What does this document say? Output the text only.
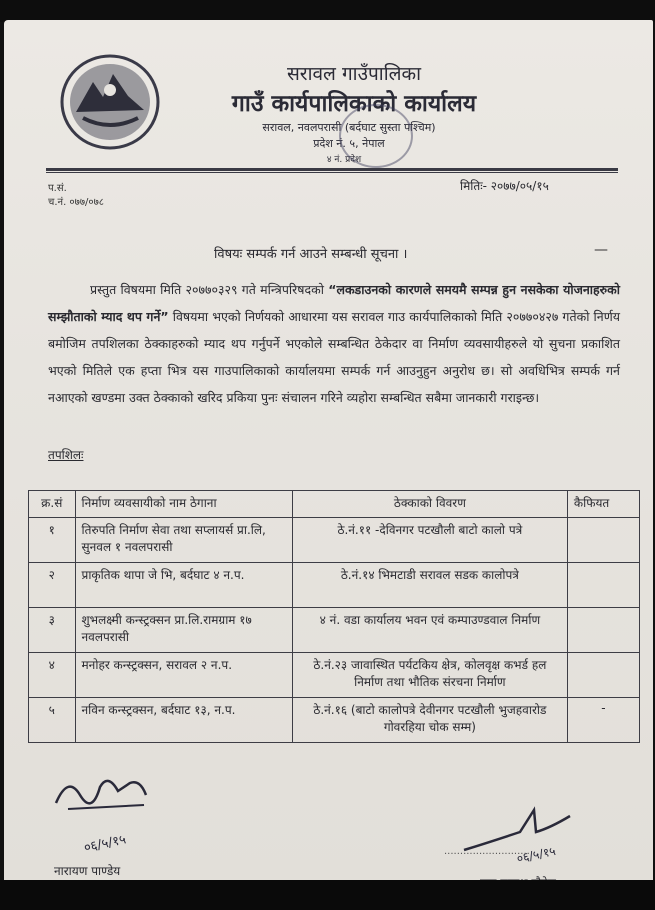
सरावल गाउँपालिका
गाउँ कार्यपालिकाको कार्यालय
सरावल, नवलपरासी (बर्दघाट सुस्ता पश्चिम)
प्रदेश नं. ५, नेपाल
४ नं. प्रदेश
प.सं.
च.नं. ०७७/०७८
मितिः- २०७७/०५/१५
विषयः सम्पर्क गर्न आउने सम्बन्धी सूचना ।	—
प्रस्तुत विषयमा मिति २०७७०३२९ गते मन्त्रिपरिषदको “लकडाउनको कारणले समयमै सम्पन्न हुन नसकेका योजनाहरुको सम्झौताको म्याद थप गर्ने” विषयमा भएको निर्णयको आधारमा यस सरावल गाउ कार्यपालिकाको मिति २०७७०४२७ गतेको निर्णय बमोजिम तपशिलका ठेक्काहरुको म्याद थप गर्नुपर्ने भएकोले सम्बन्धित ठेकेदार वा निर्माण व्यवसायीहरुले यो सुचना प्रकाशित भएको मितिले एक हप्ता भित्र यस गाउपालिकाको कार्यालयमा सम्पर्क गर्न आउनुहुन अनुरोध छ। सो अवधिभित्र सम्पर्क गर्न नआएको खण्डमा उक्त ठेक्काको खरिद प्रकिया पुनः संचालन गरिने व्यहोरा सम्बन्धित सबैमा जानकारी गराइन्छ।
तपशिलः
क्र.सं	निर्माण व्यवसायीको नाम ठेगाना	ठेक्काको विवरण	कैफियत
१	तिरुपति निर्माण सेवा तथा सप्लायर्स प्रा.लि, सुनवल १ नवलपरासी	ठे.नं.११ -देविनगर पटखौली बाटो कालो पत्रे	
२	प्राकृतिक थापा जे भि, बर्दघाट ४ न.प.	ठे.नं.१४ भिमटाडी सरावल सडक कालोपत्रे	
३	शुभलक्ष्मी कन्स्ट्रक्सन प्रा.लि.रामग्राम १७ नवलपरासी	४ नं. वडा कार्यालय भवन एवं कम्पाउण्डवाल निर्माण	
४	मनोहर कन्स्ट्रक्सन, सरावल २ न.प.	ठे.नं.२३ जावास्थित पर्यटकिय क्षेत्र, कोलवृक्ष कभर्ड हल निर्माण तथा भौतिक संरचना निर्माण	
५	नविन कन्स्ट्रक्सन, बर्दघाट १३, न.प.	ठे.नं.१६ (बाटो कालोपत्रे देवीनगर पटखौली भुजहवारोड गोवरहिया चोक सम्म)	-
०६/५/१५	०६/५/१५
नारायण पाण्डेय
...........................
